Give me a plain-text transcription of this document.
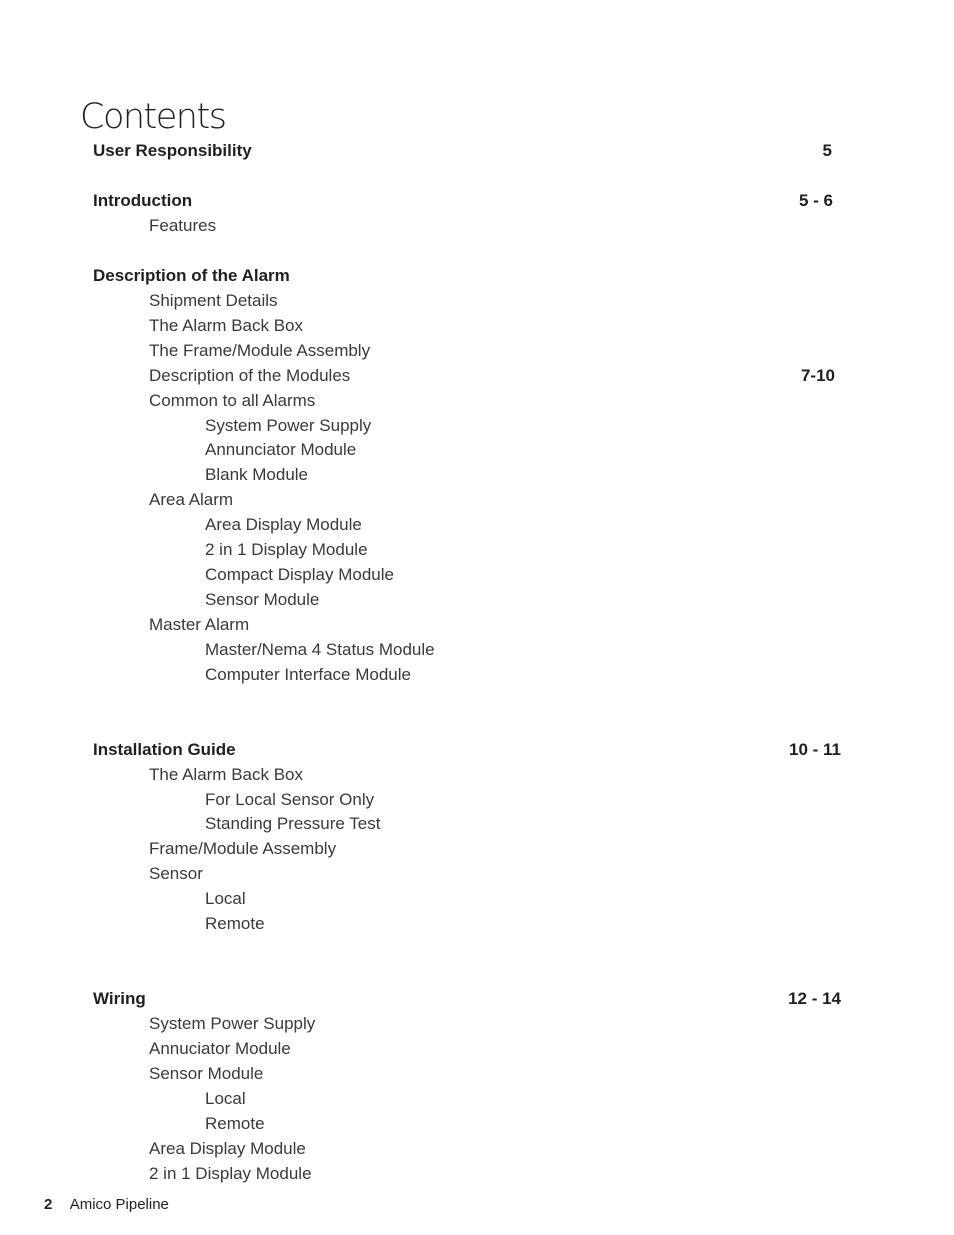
Contents
User Responsibility	5
Introduction	5 - 6
Features
Description of the Alarm
Shipment Details
The Alarm Back Box
The Frame/Module Assembly
Description of the Modules	7-10
Common to all Alarms
System Power Supply
Annunciator Module
Blank Module
Area Alarm
Area Display Module
2 in 1 Display Module
Compact Display Module
Sensor Module
Master Alarm
Master/Nema 4 Status Module
Computer Interface Module
Installation Guide	10 - 11
The Alarm Back Box
For Local Sensor Only
Standing Pressure Test
Frame/Module Assembly
Sensor
Local
Remote
Wiring	12 - 14
System Power Supply
Annuciator Module
Sensor Module
Local
Remote
Area Display Module
2 in 1 Display Module
2 Amico Pipeline
